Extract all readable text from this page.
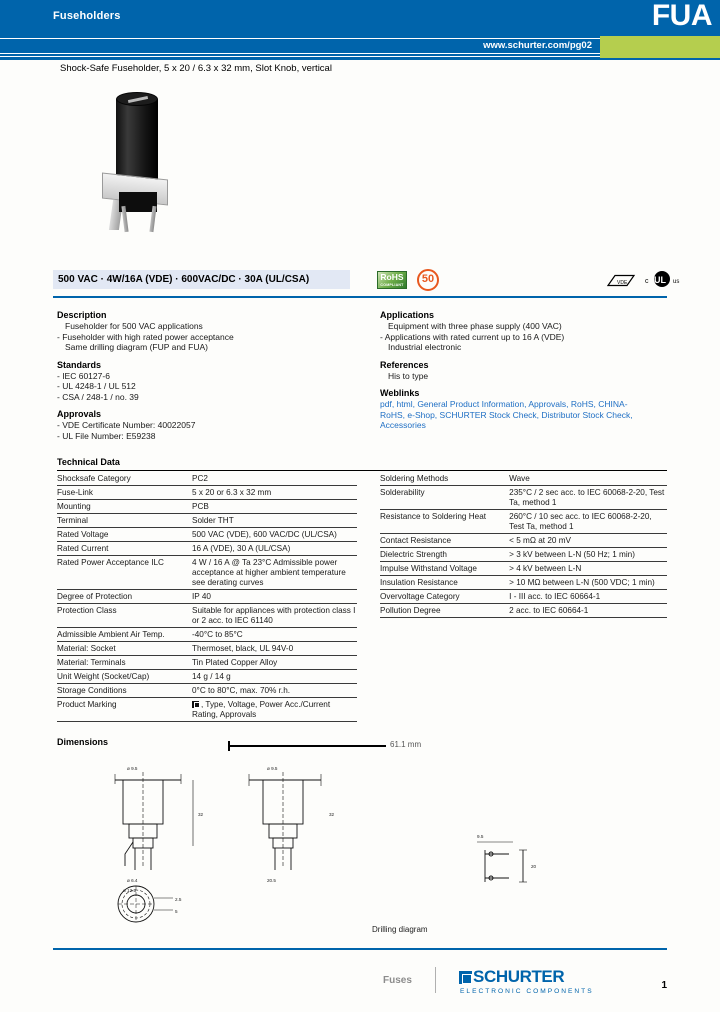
Fuseholders	FUA
www.schurter.com/pg02
Shock-Safe Fuseholder, 5 x 20 / 6.3 x 32 mm, Slot Knob, vertical
500 VAC · 4W/16A (VDE) · 600VAC/DC · 30A (UL/CSA)	RoHS
COMPLIANT	50	VDE	c UL us
Description
Fuseholder for 500 VAC applications
- Fuseholder with high rated power acceptance
Same drilling diagram (FUP and FUA)
Standards
- IEC 60127-6
- UL 4248-1 / UL 512
- CSA / 248-1 / no. 39
Approvals
- VDE Certificate Number: 40022057
- UL File Number: E59238
Applications
Equipment with three phase supply (400 VAC)
- Applications with rated current up to 16 A (VDE)
Industrial electronic
References
His to type
Weblinks
pdf, html, General Product Information, Approvals, RoHS, CHINA-
RoHS, e-Shop, SCHURTER Stock Check, Distributor Stock Check,
Accessories
Technical Data
Shocksafe Category	PC2
Fuse-Link	5 x 20 or 6.3 x 32 mm
Mounting	PCB
Terminal	Solder THT
Rated Voltage	500 VAC (VDE), 600 VAC/DC (UL/CSA)
Rated Current	16 A (VDE), 30 A (UL/CSA)
Rated Power Acceptance ILC	4 W / 16 A @ Ta 23°C Admissible power acceptance at higher ambient temperature see derating curves
Degree of Protection	IP 40
Protection Class	Suitable for appliances with protection class I or 2 acc. to IEC 61140
Admissible Ambient Air Temp.	-40°C to 85°C
Material: Socket	Thermoset, black, UL 94V-0
Material: Terminals	Tin Plated Copper Alloy
Unit Weight (Socket/Cap)	14 g / 14 g
Storage Conditions	0°C to 80°C, max. 70% r.h.
Product Marking	, Type, Voltage, Power Acc./Current Rating, Approvals
Soldering Methods	Wave
Solderability	235°C / 2 sec acc. to IEC 60068-2-20, Test Ta, method 1
Resistance to Soldering Heat	260°C / 10 sec acc. to IEC 60068-2-20, Test Ta, method 1
Contact Resistance	< 5 mΩ at 20 mV
Dielectric Strength	> 3 kV between L-N (50 Hz; 1 min)
Impulse Withstand Voltage	> 4 kV between L-N
Insulation Resistance	> 10 MΩ between L-N (500 VDC; 1 min)
Overvoltage Category	I - III acc. to IEC 60664-1
Pollution Degree	2 acc. to IEC 60664-1
Dimensions	61.1 mm
ø 9.5
32
ø 6.4
ø 12.5
2.5
5
ø 9.5
32
20.5
9.5
20
Drilling diagram
Fuses	SCHURTER
ELECTRONIC COMPONENTS
1
